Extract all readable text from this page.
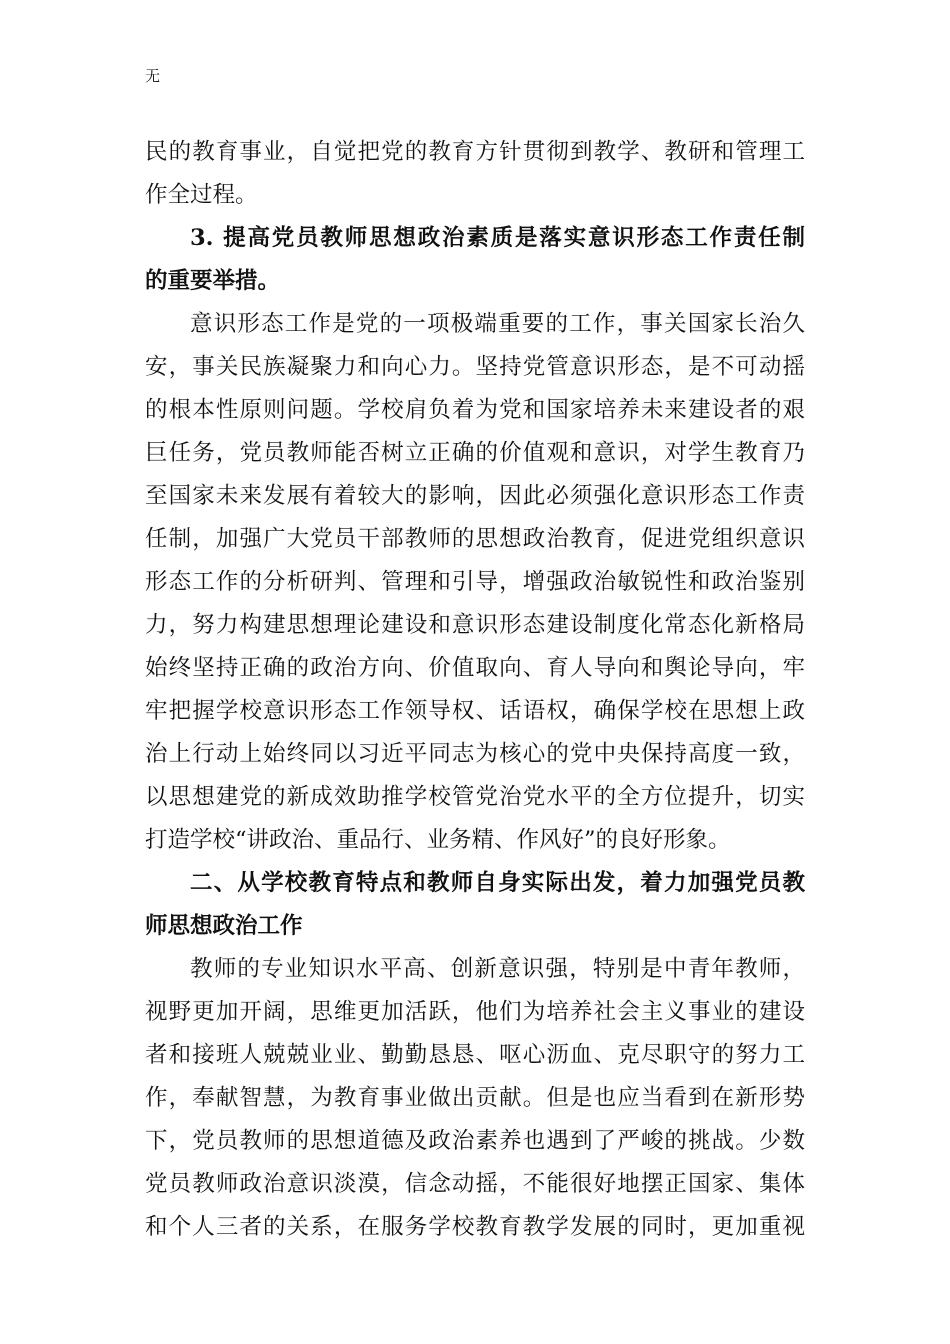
无
民的教育事业，自觉把党的教育方针贯彻到教学、教研和管理工
作全过程。
3. 提高党员教师思想政治素质是落实意识形态工作责任制
的重要举措。
意识形态工作是党的一项极端重要的工作，事关国家长治久
安，事关民族凝聚力和向心力。坚持党管意识形态，是不可动摇
的根本性原则问题。学校肩负着为党和国家培养未来建设者的艰
巨任务，党员教师能否树立正确的价值观和意识，对学生教育乃
至国家未来发展有着较大的影响，因此必须强化意识形态工作责
任制，加强广大党员干部教师的思想政治教育，促进党组织意识
形态工作的分析研判、管理和引导，增强政治敏锐性和政治鉴别
力，努力构建思想理论建设和意识形态建设制度化常态化新格局
始终坚持正确的政治方向、价值取向、育人导向和舆论导向，牢
牢把握学校意识形态工作领导权、话语权，确保学校在思想上政
治上行动上始终同以习近平同志为核心的党中央保持高度一致，
以思想建党的新成效助推学校管党治党水平的全方位提升，切实
打造学校“讲政治、重品行、业务精、作风好”的良好形象。
二、从学校教育特点和教师自身实际出发，着力加强党员教
师思想政治工作
教师的专业知识水平高、创新意识强，特别是中青年教师，
视野更加开阔，思维更加活跃，他们为培养社会主义事业的建设
者和接班人兢兢业业、勤勤恳恳、呕心沥血、克尽职守的努力工
作，奉献智慧，为教育事业做出贡献。但是也应当看到在新形势
下，党员教师的思想道德及政治素养也遇到了严峻的挑战。少数
党员教师政治意识淡漠，信念动摇，不能很好地摆正国家、集体
和个人三者的关系，在服务学校教育教学发展的同时，更加重视
